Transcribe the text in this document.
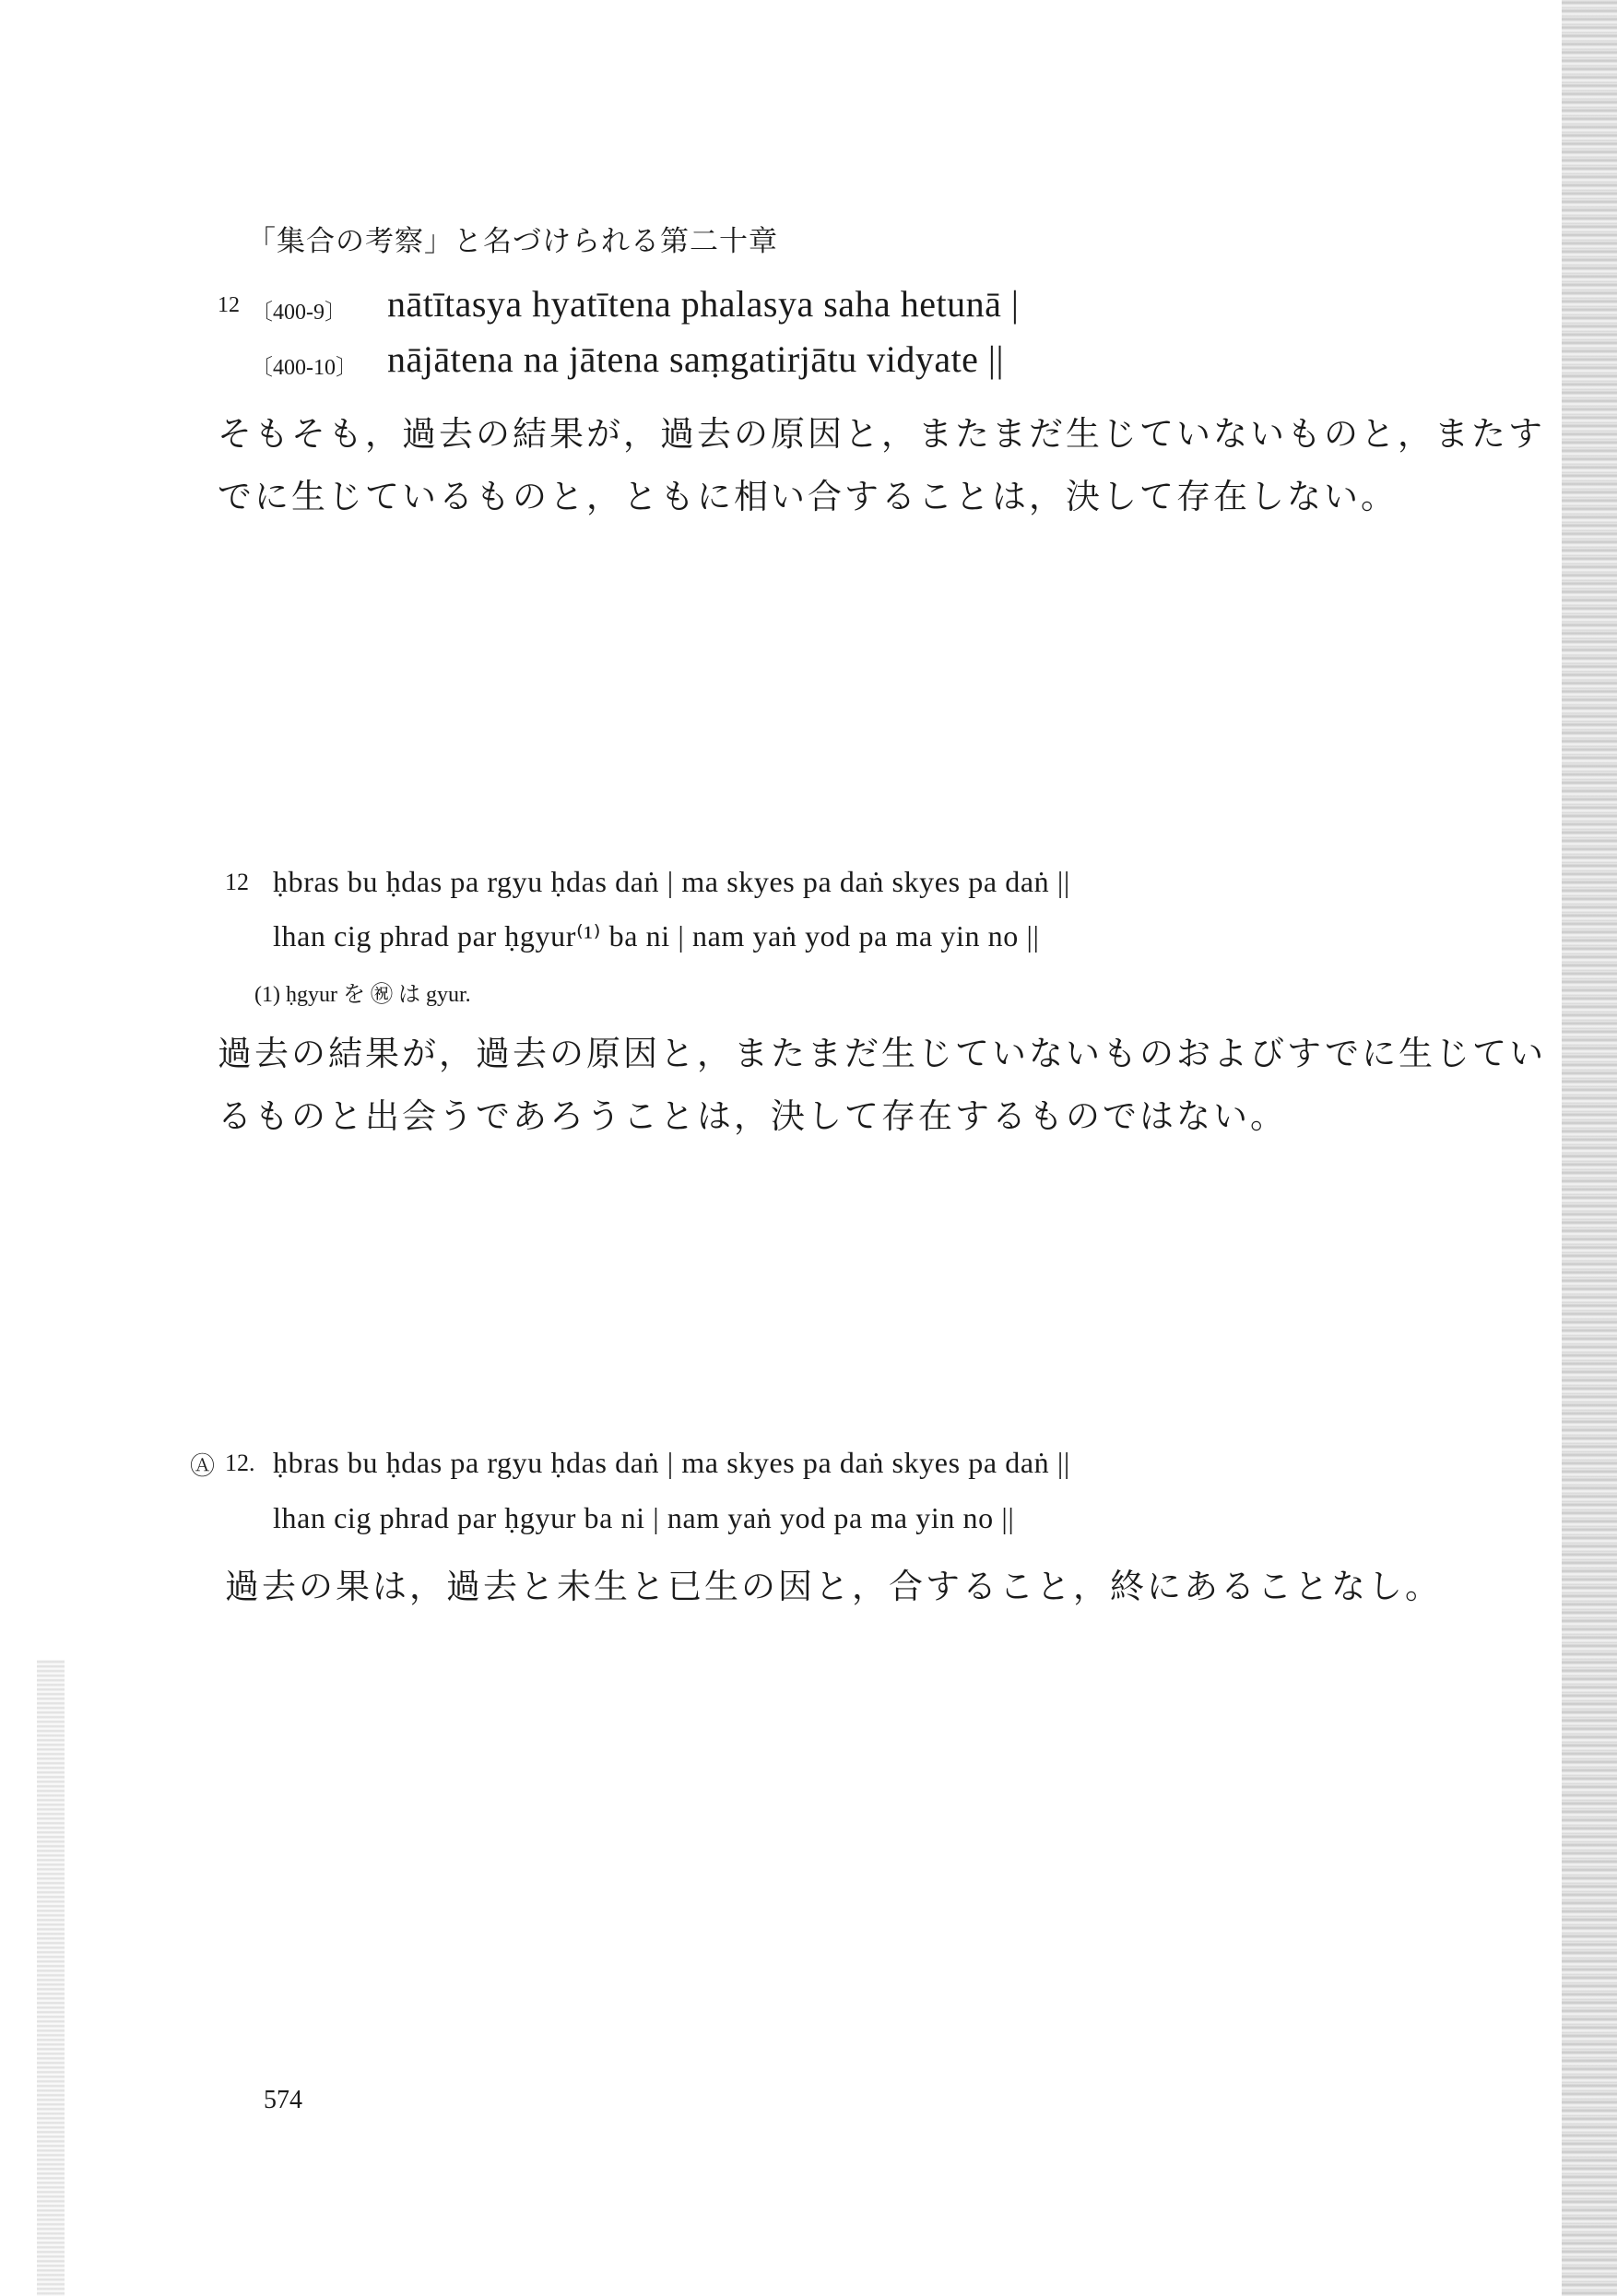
「集合の考察」と名づけられる第二十章
12 〔400-9〕 nātītasya hyatītena phalasya saha hetunā |
〔400-10〕 nājātena na jātena saṃgatirjātu vidyate ||
そもそも，過去の結果が，過去の原因と，またまだ生じていないものと，またす
でに生じているものと，ともに相い合することは，決して存在しない。
12 ḥbras bu ḥdas pa rgyu ḥdas daṅ | ma skyes pa daṅ skyes pa daṅ ||
lhan cig phrad par ḥgyur⁽¹⁾ ba ni | nam yaṅ yod pa ma yin no ||
(1) ḥgyur を ㊗ は gyur.
過去の結果が，過去の原因と，またまだ生じていないものおよびすでに生じてい
るものと出会うであろうことは，決して存在するものではない。
Ⓐ 12. ḥbras bu ḥdas pa rgyu ḥdas daṅ | ma skyes pa daṅ skyes pa daṅ ||
lhan cig phrad par ḥgyur ba ni | nam yaṅ yod pa ma yin no ||
過去の果は，過去と未生と已生の因と，合すること，終にあることなし。
574
